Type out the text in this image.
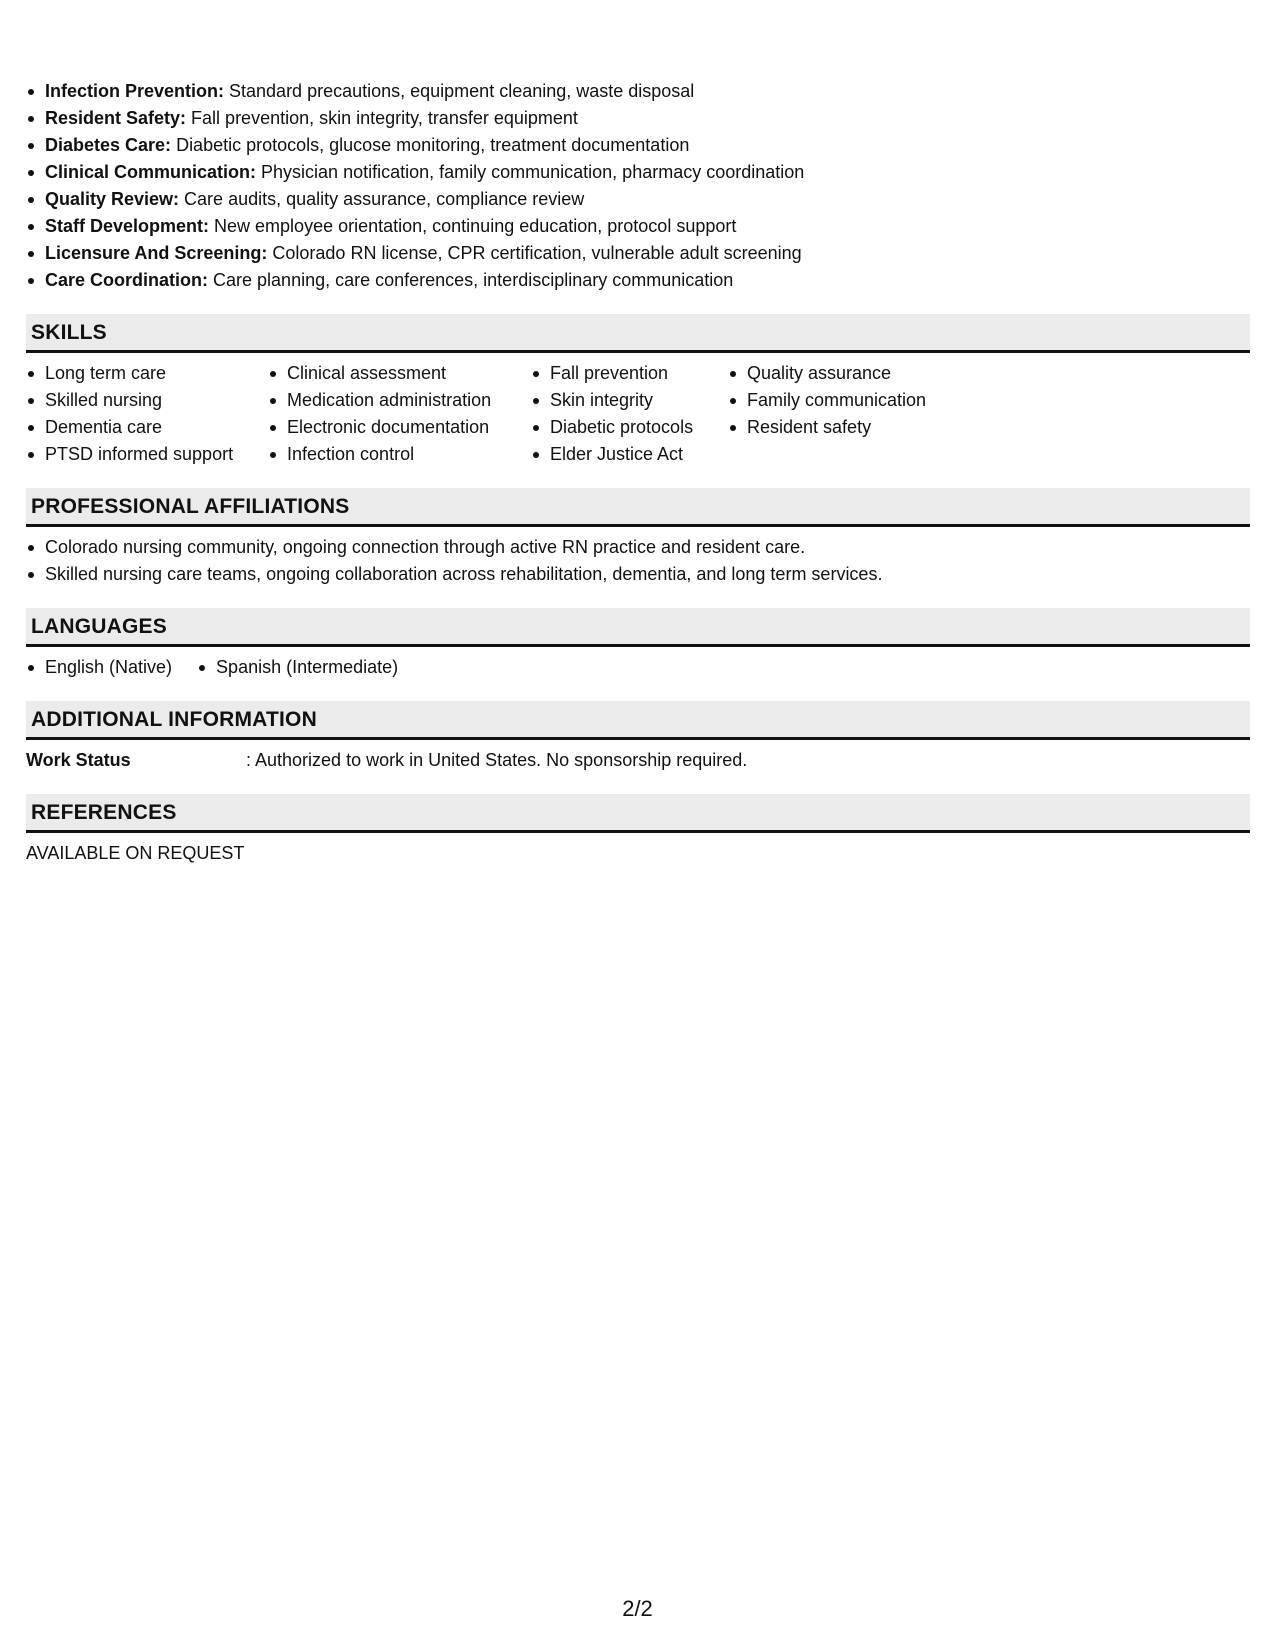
Infection Prevention: Standard precautions, equipment cleaning, waste disposal
Resident Safety: Fall prevention, skin integrity, transfer equipment
Diabetes Care: Diabetic protocols, glucose monitoring, treatment documentation
Clinical Communication: Physician notification, family communication, pharmacy coordination
Quality Review: Care audits, quality assurance, compliance review
Staff Development: New employee orientation, continuing education, protocol support
Licensure And Screening: Colorado RN license, CPR certification, vulnerable adult screening
Care Coordination: Care planning, care conferences, interdisciplinary communication
SKILLS
Long term care
Skilled nursing
Dementia care
PTSD informed support
Clinical assessment
Medication administration
Electronic documentation
Infection control
Fall prevention
Skin integrity
Diabetic protocols
Elder Justice Act
Quality assurance
Family communication
Resident safety
PROFESSIONAL AFFILIATIONS
Colorado nursing community, ongoing connection through active RN practice and resident care.
Skilled nursing care teams, ongoing collaboration across rehabilitation, dementia, and long term services.
LANGUAGES
English (Native)	Spanish (Intermediate)
ADDITIONAL INFORMATION
Work Status	: Authorized to work in United States. No sponsorship required.
REFERENCES
AVAILABLE ON REQUEST
2/2
